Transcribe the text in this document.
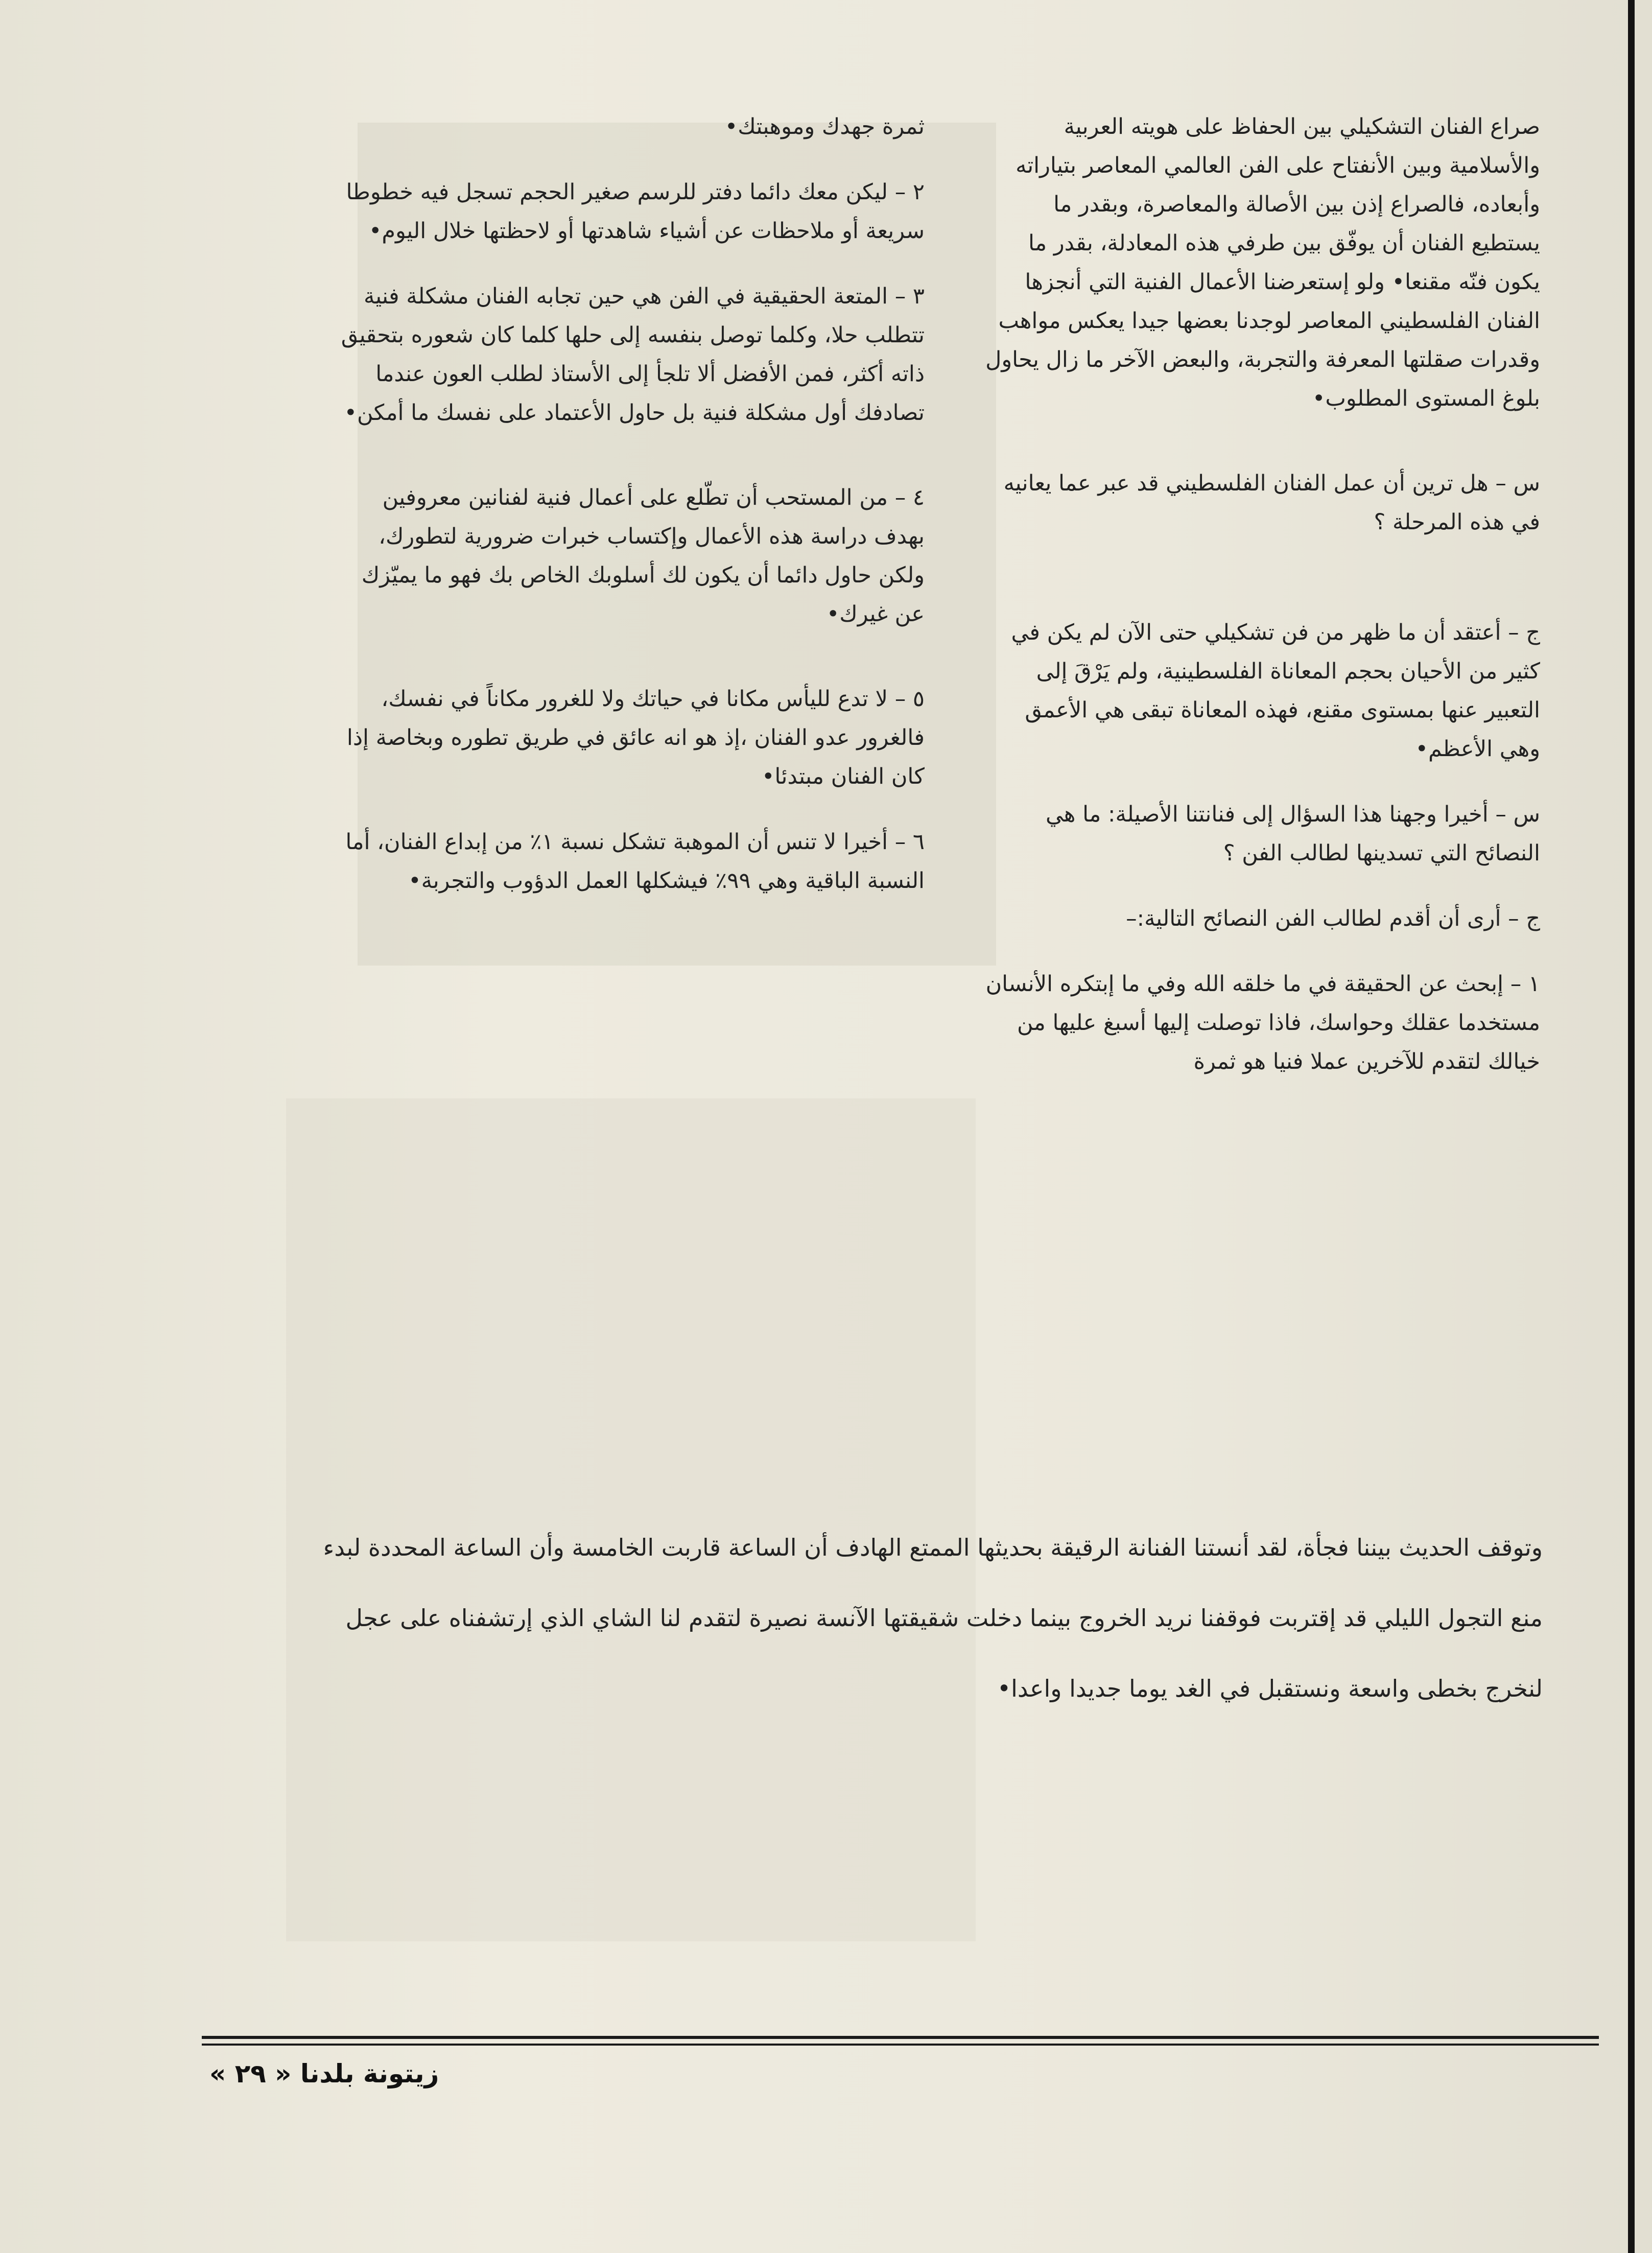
صراع الفنان التشكيلي بين الحفاظ على هويته العربية والأسلامية وبين الأنفتاح على الفن العالمي المعاصر بتياراته وأبعاده، فالصراع إذن بين الأصالة والمعاصرة، وبقدر ما يستطيع الفنان أن يوفّق بين طرفي هذه المعادلة، بقدر ما يكون فنّه مقنعا• ولو إستعرضنا الأعمال الفنية التي أنجزها الفنان الفلسطيني المعاصر لوجدنا بعضها جيدا يعكس مواهب وقدرات صقلتها المعرفة والتجربة، والبعض الآخر ما زال يحاول بلوغ المستوى المطلوب•

س – هل ترين أن عمل الفنان الفلسطيني قد عبر عما يعانيه في هذه المرحلة ؟

ج – أعتقد أن ما ظهر من فن تشكيلي حتى الآن لم يكن في كثير من الأحيان بحجم المعاناة الفلسطينية، ولم يَرْقَ إلى التعبير عنها بمستوى مقنع، فهذه المعاناة تبقى هي الأعمق وهي الأعظم•

س – أخيرا وجهنا هذا السؤال إلى فنانتنا الأصيلة: ما هي النصائح التي تسدينها لطالب الفن ؟

ج – أرى أن أقدم لطالب الفن النصائح التالية:–

١ – إبحث عن الحقيقة في ما خلقه الله وفي ما إبتكره الأنسان مستخدما عقلك وحواسك، فاذا توصلت إليها أسبغ عليها من خيالك لتقدم للآخرين عملا فنيا هو ثمرة

ثمرة جهدك وموهبتك•

٢ – ليكن معك دائما دفتر للرسم صغير الحجم تسجل فيه خطوطا سريعة أو ملاحظات عن أشياء شاهدتها أو لاحظتها خلال اليوم•

٣ – المتعة الحقيقية في الفن هي حين تجابه الفنان مشكلة فنية تتطلب حلا، وكلما توصل بنفسه إلى حلها كلما كان شعوره بتحقيق ذاته أكثر، فمن الأفضل ألا تلجأ إلى الأستاذ لطلب العون عندما تصادفك أول مشكلة فنية بل حاول الأعتماد على نفسك ما أمكن•

٤ – من المستحب أن تطّلع على أعمال فنية لفنانين معروفين بهدف دراسة هذه الأعمال وإكتساب خبرات ضرورية لتطورك، ولكن حاول دائما أن يكون لك أسلوبك الخاص بك فهو ما يميّزك عن غيرك•

٥ – لا تدع لليأس مكانا في حياتك ولا للغرور مكاناً في نفسك، فالغرور عدو الفنان ،إذ هو انه عائق في طريق تطوره وبخاصة إذا كان الفنان مبتدئا•

٦ – أخيرا لا تنس أن الموهبة تشكل نسبة ١٪ من إبداع الفنان، أما النسبة الباقية وهي ٩٩٪ فيشكلها العمل الدؤوب والتجربة•

وتوقف الحديث بيننا فجأة، لقد أنستنا الفنانة الرقيقة بحديثها الممتع الهادف أن الساعة قاربت الخامسة وأن الساعة المحددة لبدء منع التجول الليلي قد إقتربت فوقفنا نريد الخروج بينما دخلت شقيقتها الآنسة نصيرة لتقدم لنا الشاي الذي إرتشفناه على عجل لنخرج بخطى واسعة ونستقبل في الغد يوما جديدا واعدا•

زيتونة بلدنا « ٢٩ »
